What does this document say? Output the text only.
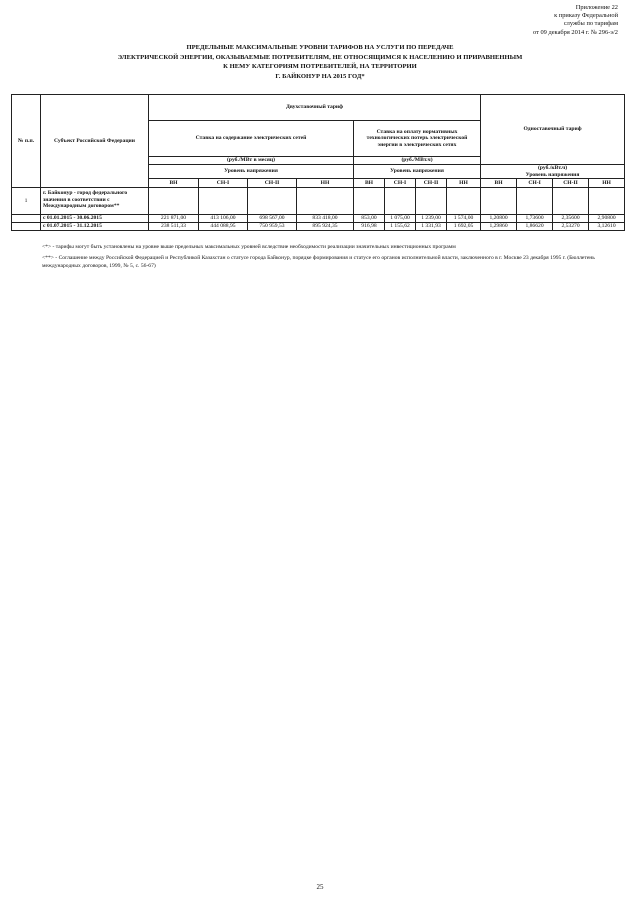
Приложение 22
к приказу Федеральной
службы по тарифам
от 09 декабря 2014 г. № 296-э/2
ПРЕДЕЛЬНЫЕ МАКСИМАЛЬНЫЕ УРОВНИ ТАРИФОВ НА УСЛУГИ ПО ПЕРЕДАЧЕ
ЭЛЕКТРИЧЕСКОЙ ЭНЕРГИИ, ОКАЗЫВАЕМЫЕ ПОТРЕБИТЕЛЯМ, НЕ ОТНОСЯЩИМСЯ К НАСЕЛЕНИЮ И ПРИРАВНЕННЫМ
К НЕМУ КАТЕГОРИЯМ ПОТРЕБИТЕЛЕЙ, НА ТЕРРИТОРИИ
Г. БАЙКОНУР НА 2015 ГОД*
№ п.п.	Субъект Российской Федерации	Двухставочный тариф								Одноставочный тариф			
		Ставка на содержание электрических сетей				Ставка на оплату нормативных технологических потерь электрической энергии в электрических сетях							
		(руб./МВт в месяц)				(руб./МВт.ч)							
		Уровень напряжения				Уровень напряжения				(руб./кВт.ч)
Уровень напряжения			

		ВН	СН-I	СН-II	НН	ВН	СН-I	СН-II	НН	ВН	СН-I	СН-II	НН
1	г. Байконур - город федерального значения в соответствии с Международным договором**												
	с 01.01.2015 - 30.06.2015	221 871,00	413 106,00	698 567,00	833 418,00	853,00	1 075,00	1 239,00	1 574,00	1,20800	1,73600	2,35600	2,90800
	с 01.07.2015 - 31.12.2015	238 511,33	444 088,95	750 959,53	895 924,35	916,98	1 155,62	1 331,93	1 692,05	1,29860	1,86620	2,53270	3,12610

<*> - тарифы могут быть установлены на уровне выше предельных максимальных уровней вследствие необходимости реализации значительных инвестиционных программ

<**> - Соглашение между Российской Федерацией и Республикой Казахстан о статусе города Байконур, порядке формирования и статусе его органов исполнительной власти, заключенного в г. Москве 23 декабря 1995 г. (Бюллетень международных договоров, 1999, № 5, с. 56-67)

25
